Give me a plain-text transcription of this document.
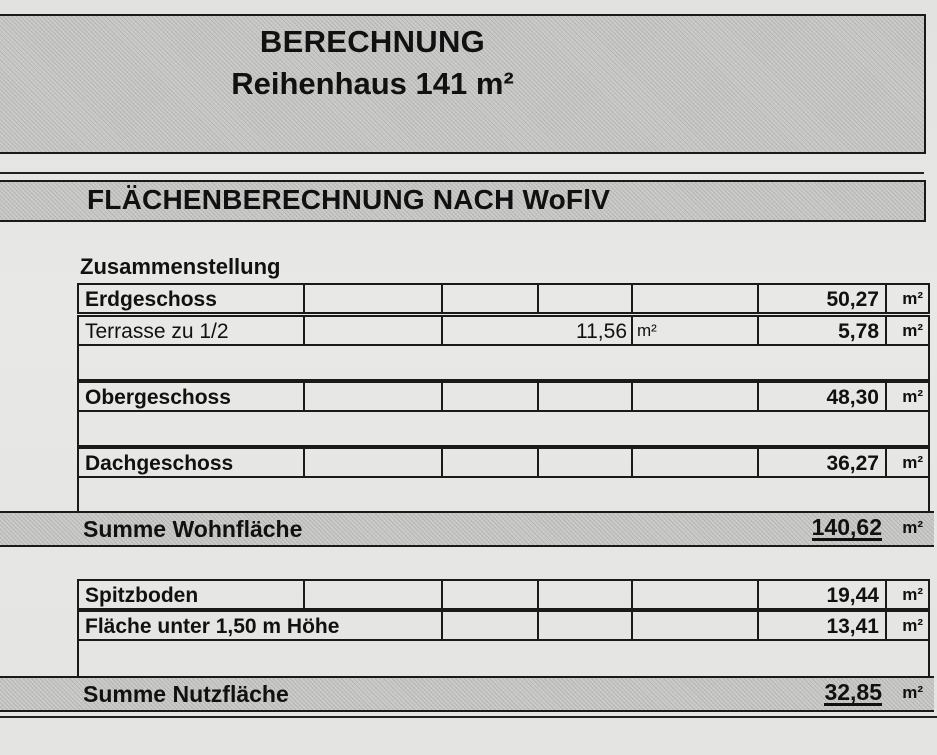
BERECHNUNG
Reihenhaus 141 m²
FLÄCHENBERECHNUNG NACH WoFlV
Zusammenstellung
Erdgeschoss	50,27 m²
Terrasse zu 1/2	11,56 m²	5,78 m²
Obergeschoss	48,30 m²
Dachgeschoss	36,27 m²
Summe Wohnfläche	140,62 m²
Spitzboden	19,44 m²
Fläche unter 1,50 m Höhe	13,41 m²
Summe Nutzfläche	32,85 m²
